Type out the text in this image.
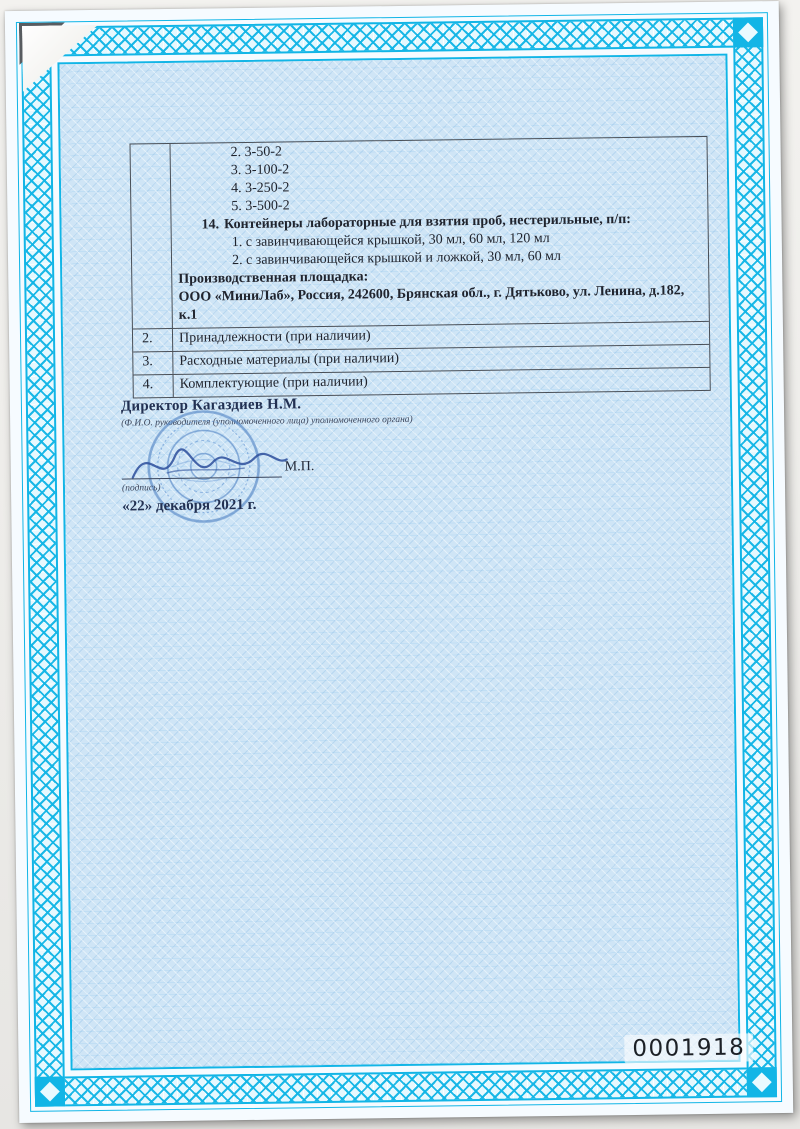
2. 3-50-2
3. 3-100-2
4. 3-250-2
5. 3-500-2
14. Контейнеры лабораторные для взятия проб, нестерильные, п/п:
1. с завинчивающейся крышкой, 30 мл, 60 мл, 120 мл
2. с завинчивающейся крышкой и ложкой, 30 мл, 60 мл
Производственная площадка:
ООО «МиниЛаб», Россия, 242600, Брянская обл., г. Дятьково, ул. Ленина, д.182, к.1
2.	Принадлежности (при наличии)
3.	Расходные материалы (при наличии)
4.	Комплектующие (при наличии)
Директор Кагаздиев Н.М.
(Ф.И.О. руководителя (уполномоченного лица) уполномоченного органа)
М.П.
(подпись)
«22» декабря 2021 г.
0001918
